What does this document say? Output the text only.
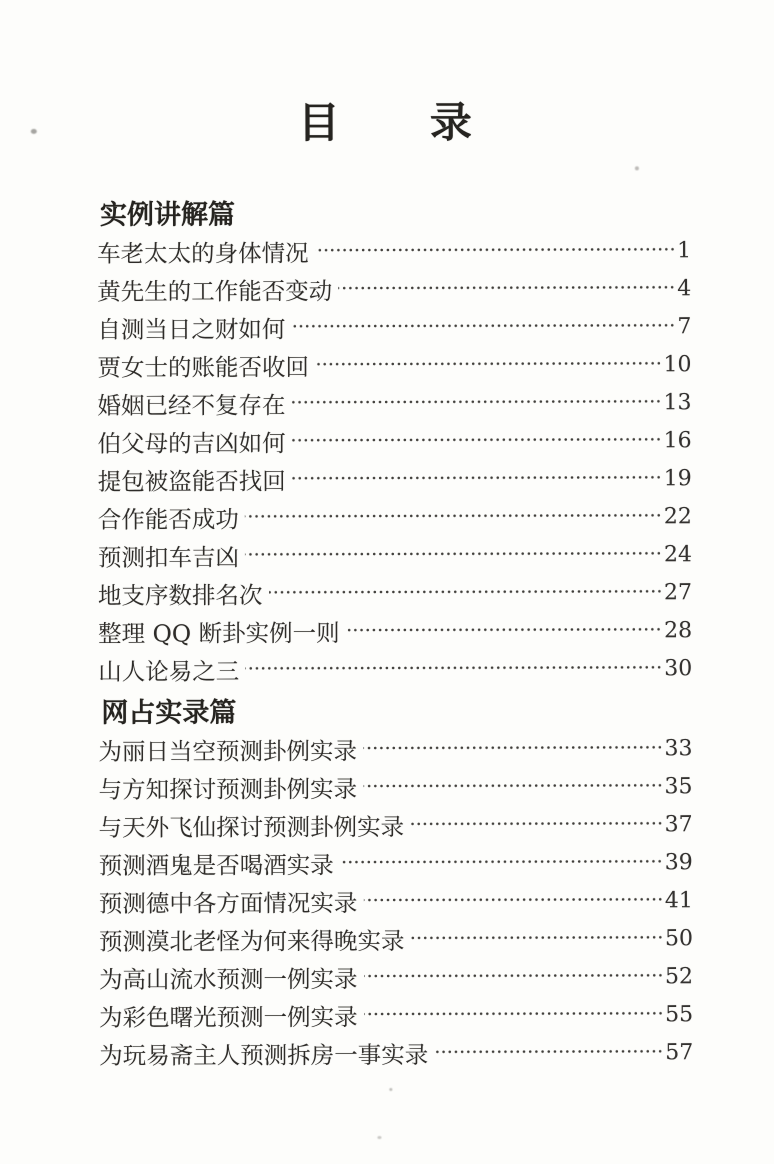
目　　录
实例讲解篇
车老太太的身体情况	1
黄先生的工作能否变动	4
自测当日之财如何	7
贾女士的账能否收回	10
婚姻已经不复存在	13
伯父母的吉凶如何	16
提包被盗能否找回	19
合作能否成功	22
预测扣车吉凶	24
地支序数排名次	27
整理 QQ 断卦实例一则	28
山人论易之三	30
网占实录篇
为丽日当空预测卦例实录	33
与方知探讨预测卦例实录	35
与天外飞仙探讨预测卦例实录	37
预测酒鬼是否喝酒实录	39
预测德中各方面情况实录	41
预测漠北老怪为何来得晚实录	50
为高山流水预测一例实录	52
为彩色曙光预测一例实录	55
为玩易斋主人预测拆房一事实录	57
